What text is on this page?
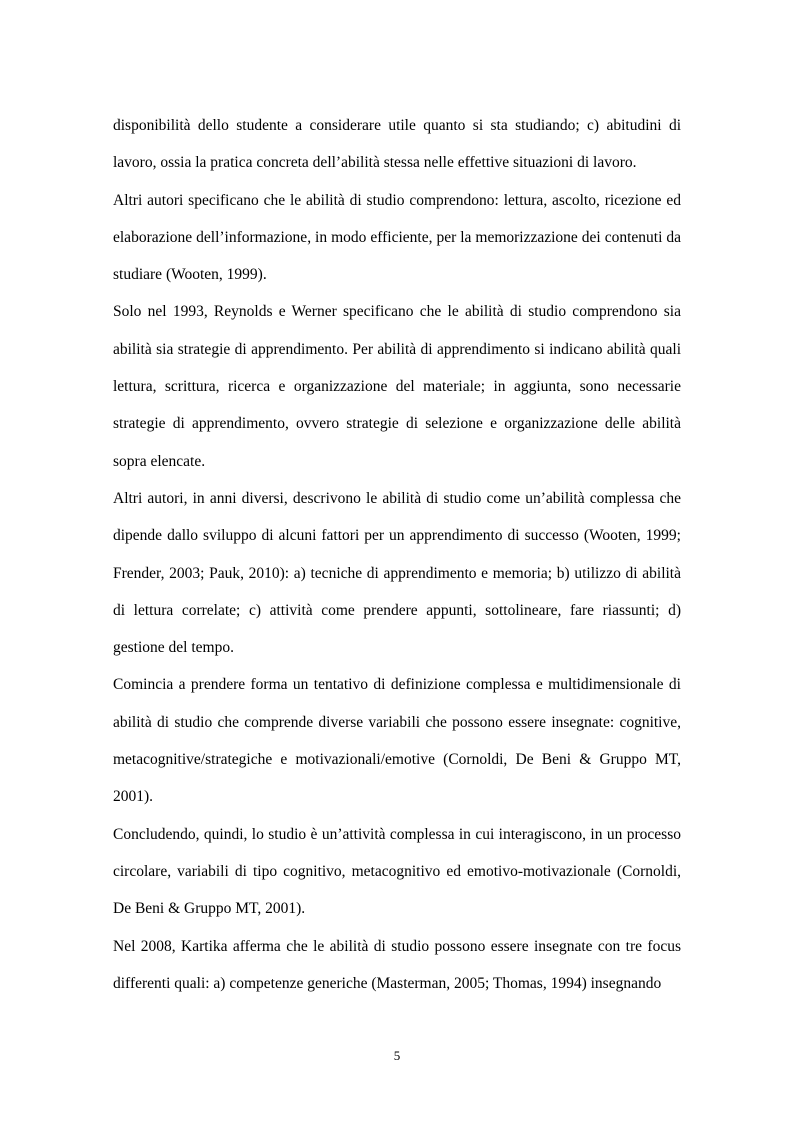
disponibilità dello studente a considerare utile quanto si sta studiando; c) abitudini di lavoro, ossia la pratica concreta dell’abilità stessa nelle effettive situazioni di lavoro.

Altri autori specificano che le abilità di studio comprendono: lettura, ascolto, ricezione ed elaborazione dell’informazione, in modo efficiente, per la memorizzazione dei contenuti da studiare (Wooten, 1999).

Solo nel 1993, Reynolds e Werner specificano che le abilità di studio comprendono sia abilità sia strategie di apprendimento. Per abilità di apprendimento si indicano abilità quali lettura, scrittura, ricerca e organizzazione del materiale; in aggiunta, sono necessarie strategie di apprendimento, ovvero strategie di selezione e organizzazione delle abilità sopra elencate.

Altri autori, in anni diversi, descrivono le abilità di studio come un’abilità complessa che dipende dallo sviluppo di alcuni fattori per un apprendimento di successo (Wooten, 1999; Frender, 2003; Pauk, 2010): a) tecniche di apprendimento e memoria; b) utilizzo di abilità di lettura correlate; c) attività come prendere appunti, sottolineare, fare riassunti; d) gestione del tempo.

Comincia a prendere forma un tentativo di definizione complessa e multidimensionale di abilità di studio che comprende diverse variabili che possono essere insegnate: cognitive, metacognitive/strategiche e motivazionali/emotive (Cornoldi, De Beni & Gruppo MT, 2001).

Concludendo, quindi, lo studio è un’attività complessa in cui interagiscono, in un processo circolare, variabili di tipo cognitivo, metacognitivo ed emotivo-motivazionale (Cornoldi, De Beni & Gruppo MT, 2001).

Nel 2008, Kartika afferma che le abilità di studio possono essere insegnate con tre focus differenti quali: a) competenze generiche (Masterman, 2005; Thomas, 1994) insegnando

5
